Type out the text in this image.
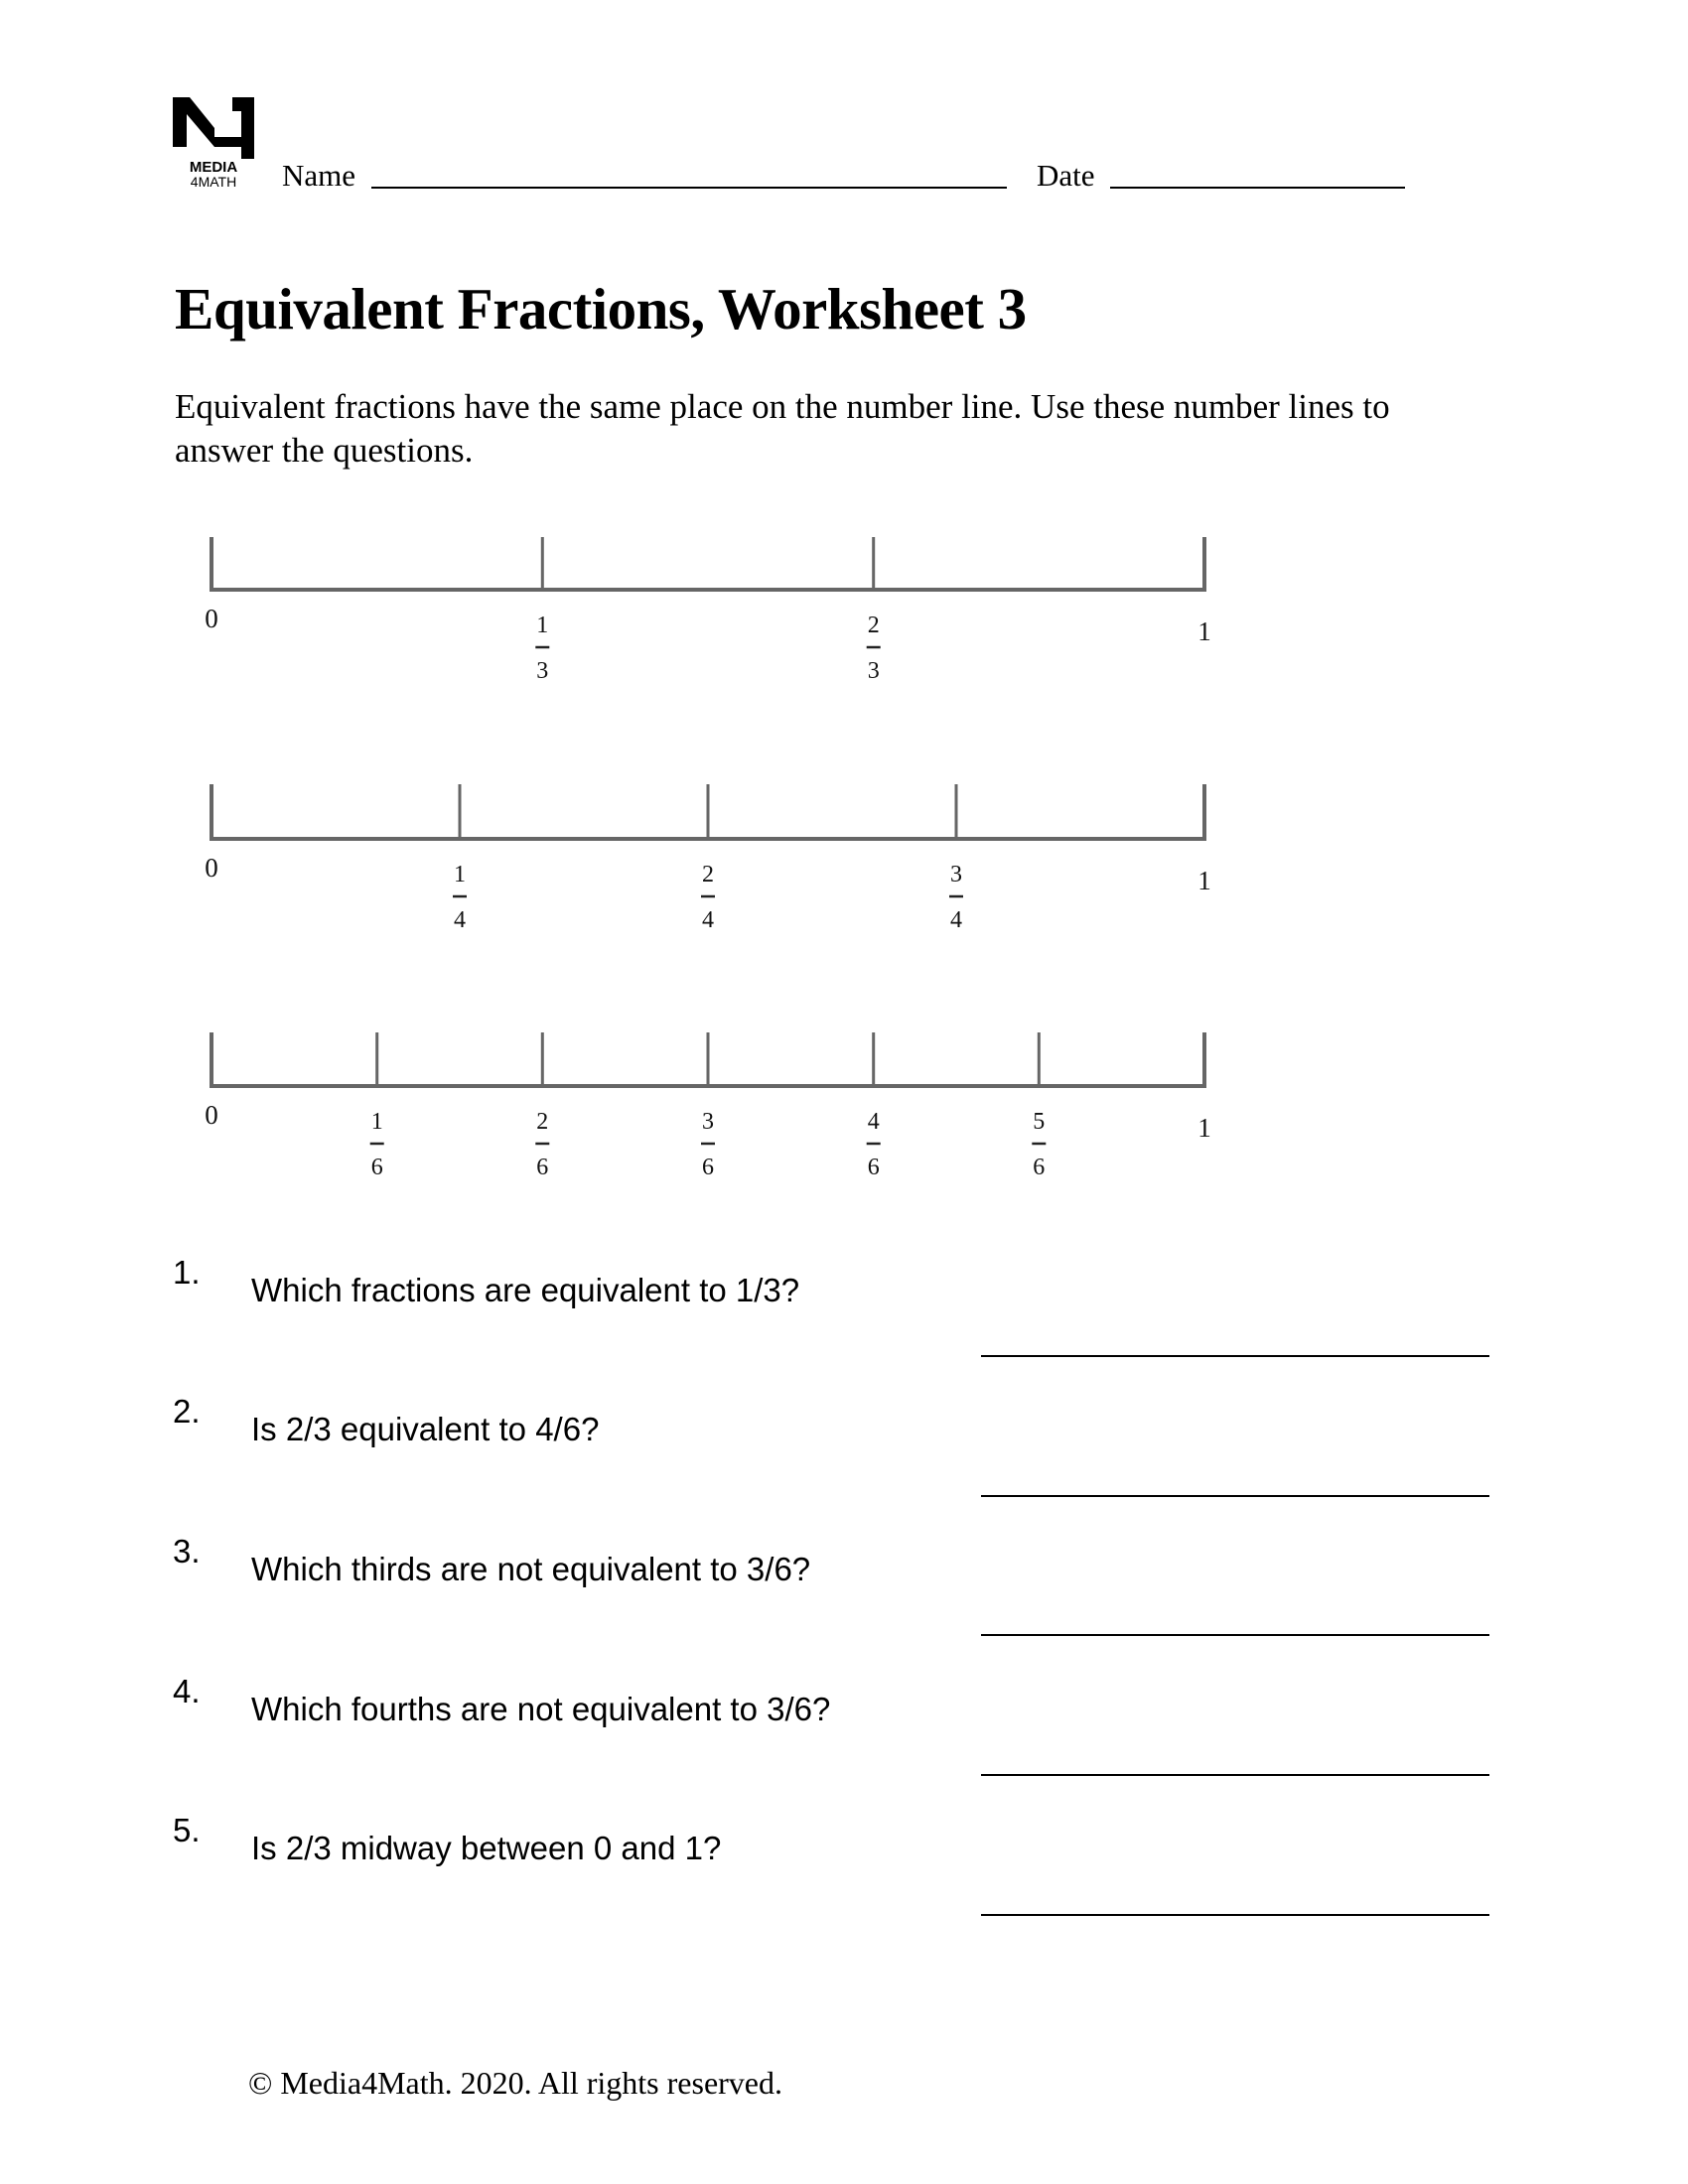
MEDIA
4MATH	Name	Date
Equivalent Fractions, Worksheet 3
Equivalent fractions have the same place on the number line. Use these number lines to answer the questions.
0	1
1
3
2
3
0	1
1
4
2
4
3
4
0	1
1
6
2
6
3
6
4
6
5
6
1. Which fractions are equivalent to 1/3?
2. Is 2/3 equivalent to 4/6?
3. Which thirds are not equivalent to 3/6?
4. Which fourths are not equivalent to 3/6?
5. Is 2/3 midway between 0 and 1?
© Media4Math. 2020. All rights reserved.
